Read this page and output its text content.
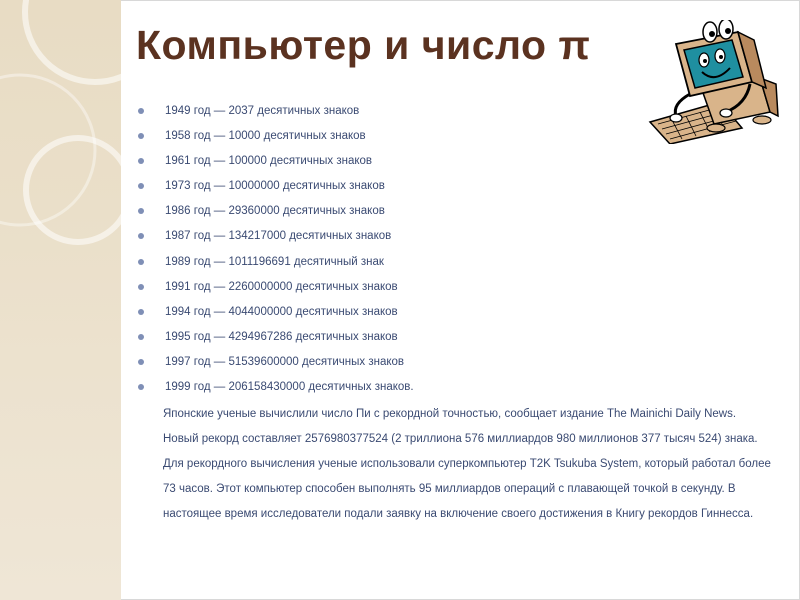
Компьютер и число π
1949 год — 2037 десятичных знаков
1958 год — 10000 десятичных знаков
1961 год — 100000 десятичных знаков
1973 год — 10000000 десятичных знаков
1986 год — 29360000 десятичных знаков
1987 год — 134217000 десятичных знаков
1989 год — 1011196691 десятичный знак
1991 год — 2260000000 десятичных знаков
1994 год — 4044000000 десятичных знаков
1995 год — 4294967286 десятичных знаков
1997 год — 51539600000 десятичных знаков
1999 год — 206158430000 десятичных знаков.

Японские ученые вычислили число Пи с рекордной точностью, сообщает издание The Mainichi Daily News. Новый рекорд составляет 2576980377524 (2 триллиона 576 миллиардов 980 миллионов 377 тысяч 524) знака. Для рекордного вычисления ученые использовали суперкомпьютер T2K Tsukuba System, который работал более 73 часов. Этот компьютер способен выполнять 95 миллиардов операций с плавающей точкой в секунду. В настоящее время исследователи подали заявку на включение своего достижения в Книгу рекордов Гиннесса.
